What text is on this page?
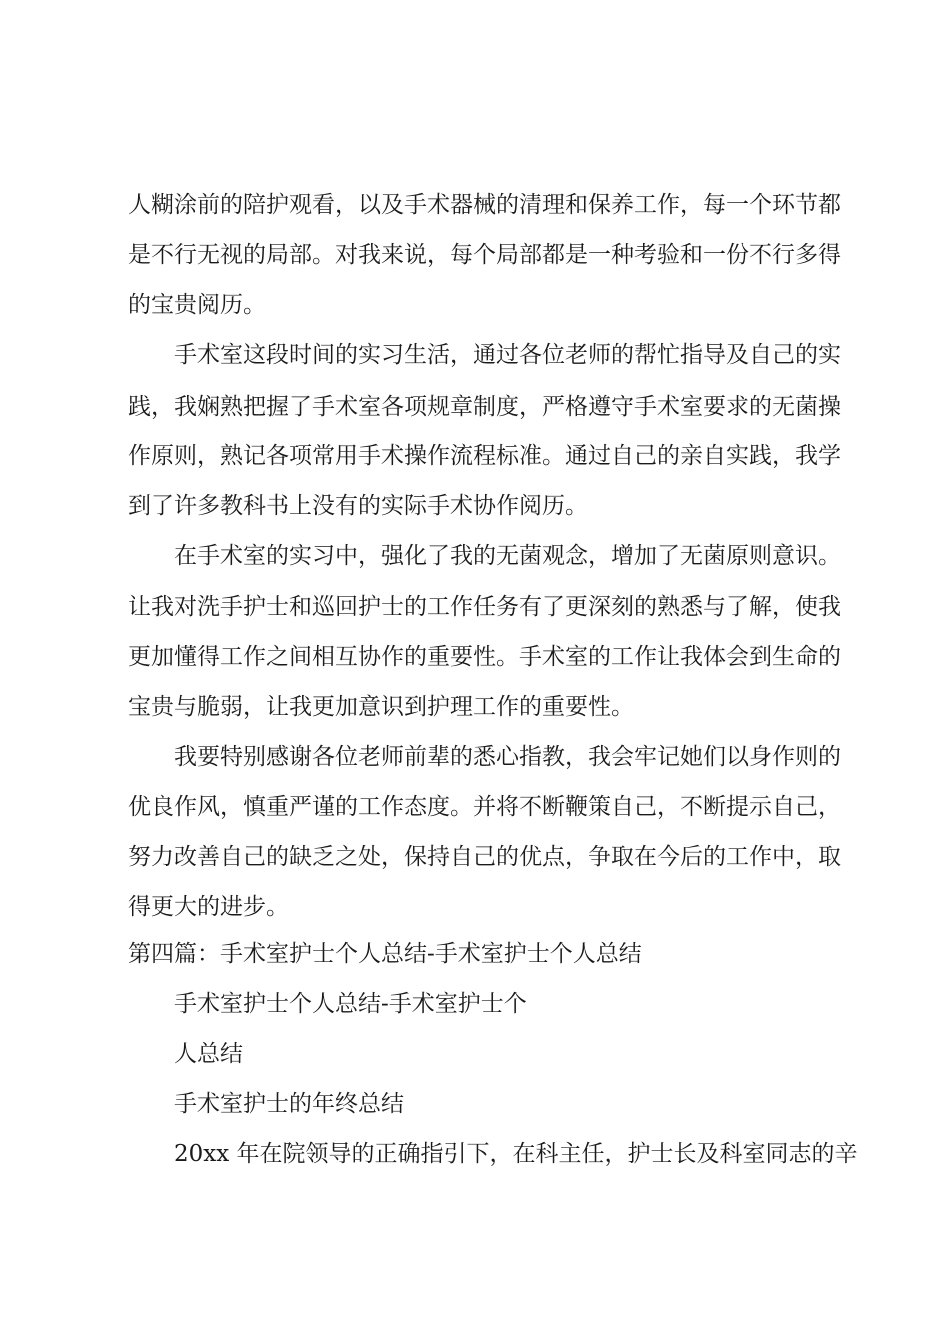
人糊涂前的陪护观看，以及手术器械的清理和保养工作，每一个环节都
是不行无视的局部。对我来说，每个局部都是一种考验和一份不行多得
的宝贵阅历。
手术室这段时间的实习生活，通过各位老师的帮忙指导及自己的实
践，我娴熟把握了手术室各项规章制度，严格遵守手术室要求的无菌操
作原则，熟记各项常用手术操作流程标准。通过自己的亲自实践，我学
到了许多教科书上没有的实际手术协作阅历。
在手术室的实习中，强化了我的无菌观念，增加了无菌原则意识。
让我对洗手护士和巡回护士的工作任务有了更深刻的熟悉与了解，使我
更加懂得工作之间相互协作的重要性。手术室的工作让我体会到生命的
宝贵与脆弱，让我更加意识到护理工作的重要性。
我要特别感谢各位老师前辈的悉心指教，我会牢记她们以身作则的
优良作风，慎重严谨的工作态度。并将不断鞭策自己，不断提示自己，
努力改善自己的缺乏之处，保持自己的优点，争取在今后的工作中，取
得更大的进步。
第四篇：手术室护士个人总结-手术室护士个人总结
手术室护士个人总结-手术室护士个
人总结
手术室护士的年终总结
20xx 年在院领导的正确指引下，在科主任，护士长及科室同志的辛
